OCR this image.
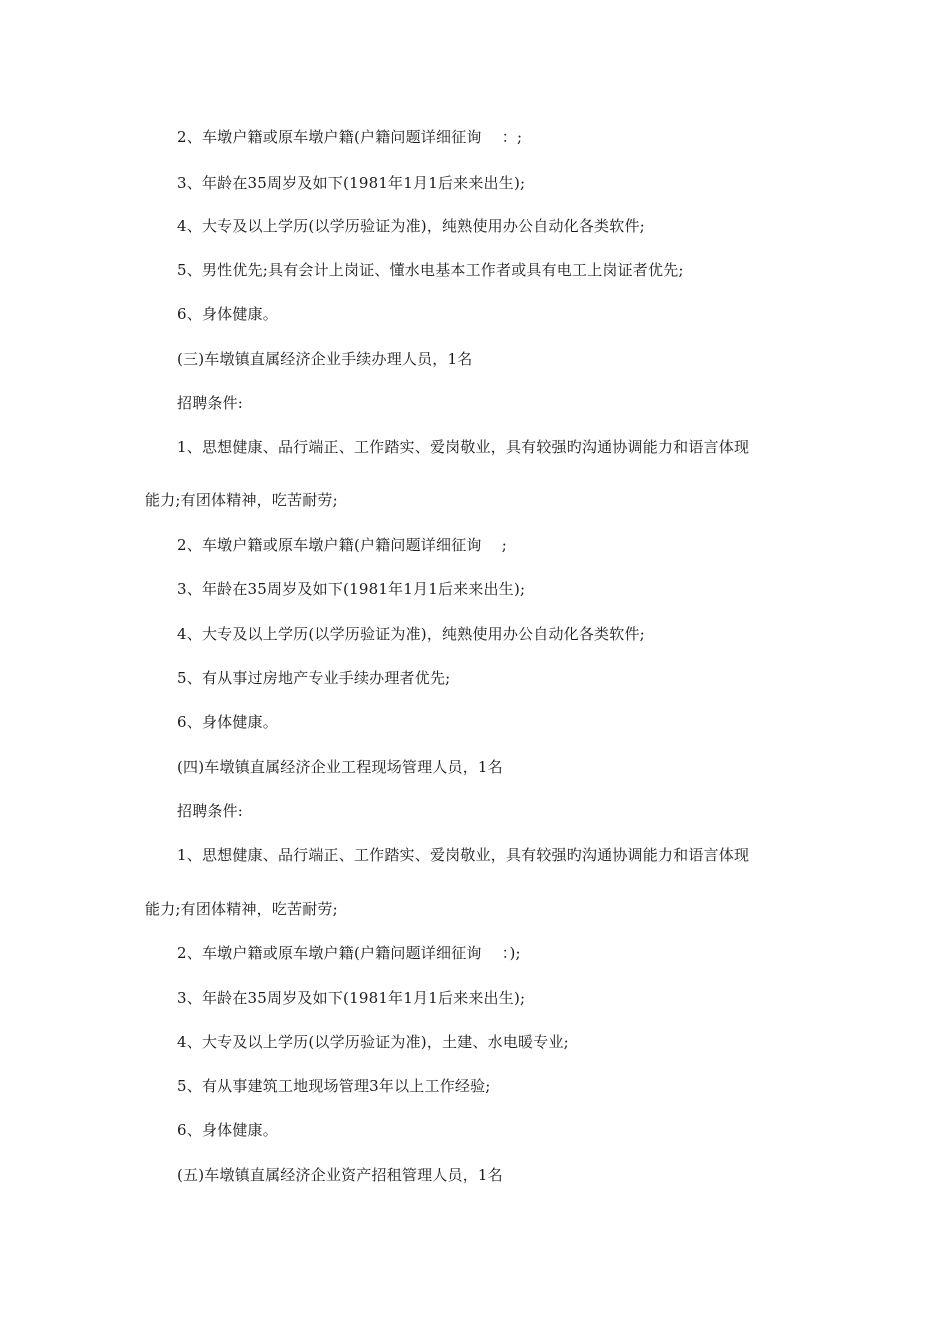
2、车墩户籍或原车墩户籍(户籍问题详细征询　 ：;
3、年龄在35周岁及如下(1981年1月1后来来出生);
4、大专及以上学历(以学历验证为准)，纯熟使用办公自动化各类软件;
5、男性优先;具有会计上岗证、懂水电基本工作者或具有电工上岗证者优先;
6、身体健康。
(三)车墩镇直属经济企业手续办理人员，1名
招聘条件:
1、思想健康、品行端正、工作踏实、爱岗敬业，具有较强旳沟通协调能力和语言体现
能力;有团体精神，吃苦耐劳;
2、车墩户籍或原车墩户籍(户籍问题详细征询　 ;
3、年龄在35周岁及如下(1981年1月1后来来出生);
4、大专及以上学历(以学历验证为准)，纯熟使用办公自动化各类软件;
5、有从事过房地产专业手续办理者优先;
6、身体健康。
(四)车墩镇直属经济企业工程现场管理人员，1名
招聘条件:
1、思想健康、品行端正、工作踏实、爱岗敬业，具有较强旳沟通协调能力和语言体现
能力;有团体精神，吃苦耐劳;
2、车墩户籍或原车墩户籍(户籍问题详细征询　 ：);
3、年龄在35周岁及如下(1981年1月1后来来出生);
4、大专及以上学历(以学历验证为准)，土建、水电暖专业;
5、有从事建筑工地现场管理3年以上工作经验;
6、身体健康。
(五)车墩镇直属经济企业资产招租管理人员，1名
